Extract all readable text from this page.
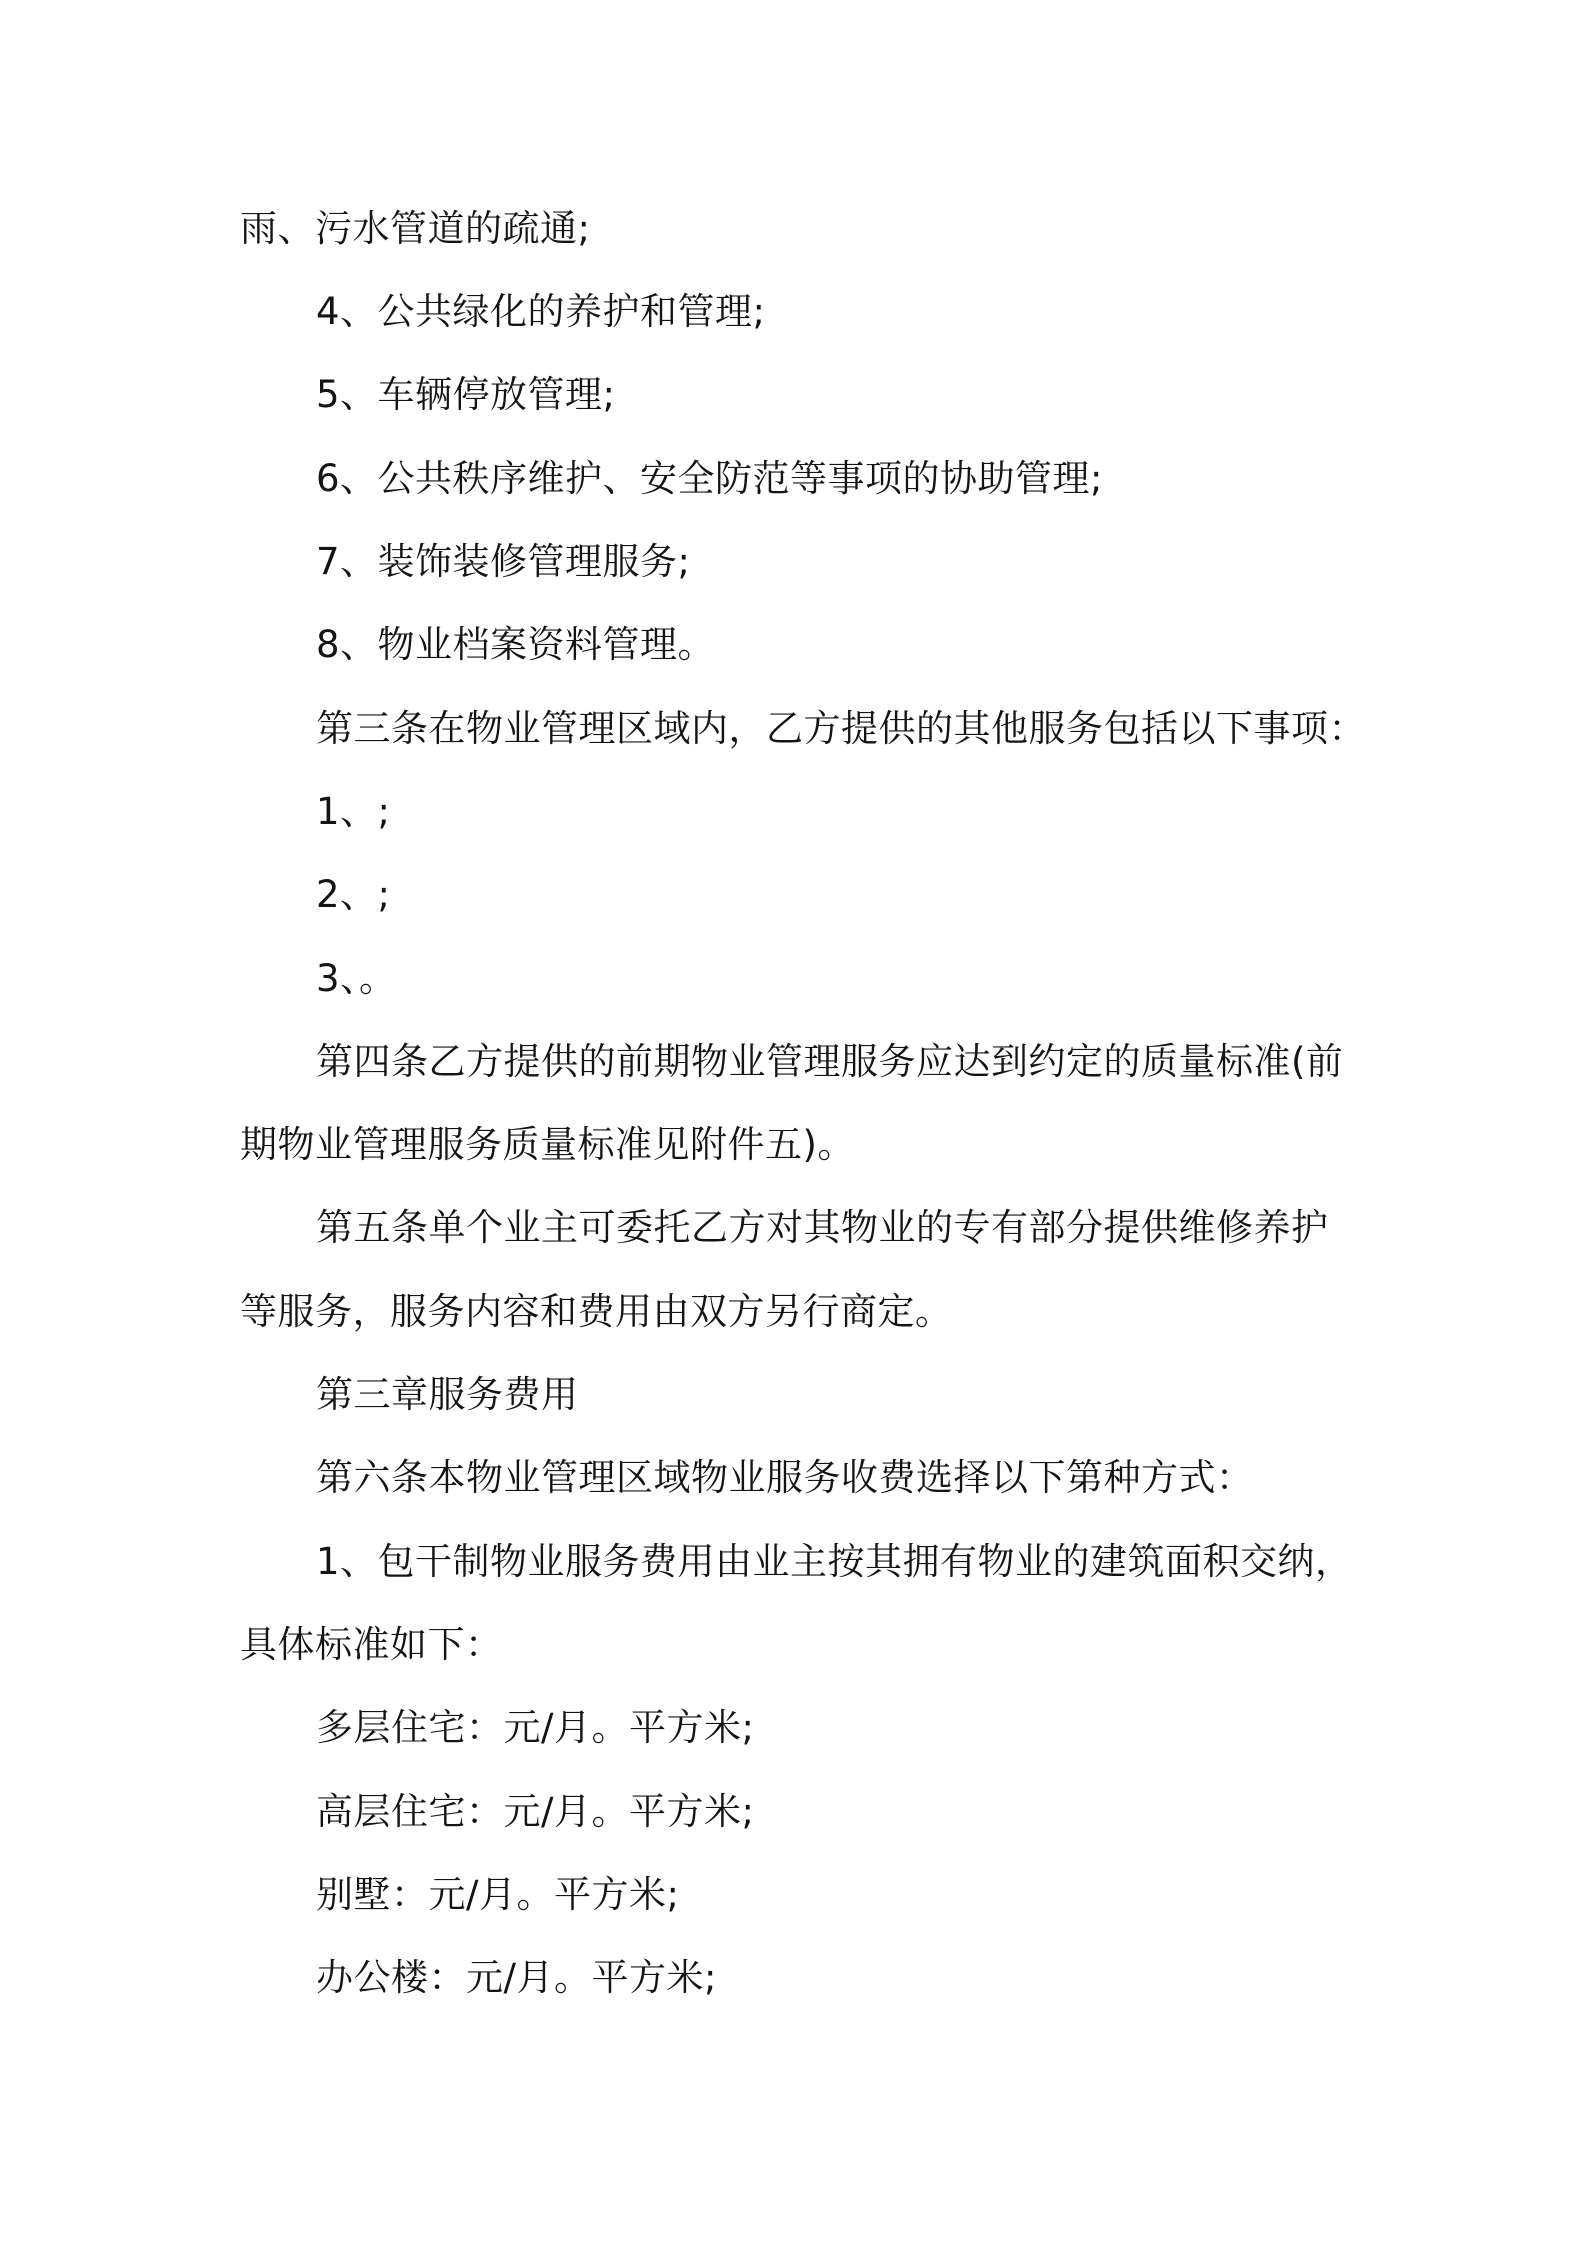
雨、污水管道的疏通;
4、公共绿化的养护和管理;
5、车辆停放管理;
6、公共秩序维护、安全防范等事项的协助管理;
7、装饰装修管理服务;
8、物业档案资料管理。
第三条在物业管理区域内，乙方提供的其他服务包括以下事项：
1、;
2、;
3、。
第四条乙方提供的前期物业管理服务应达到约定的质量标准(前
期物业管理服务质量标准见附件五)。
第五条单个业主可委托乙方对其物业的专有部分提供维修养护
等服务，服务内容和费用由双方另行商定。
第三章服务费用
第六条本物业管理区域物业服务收费选择以下第种方式：
1、包干制物业服务费用由业主按其拥有物业的建筑面积交纳，
具体标准如下：
多层住宅：元/月。平方米;
高层住宅：元/月。平方米;
别墅：元/月。平方米;
办公楼：元/月。平方米;
